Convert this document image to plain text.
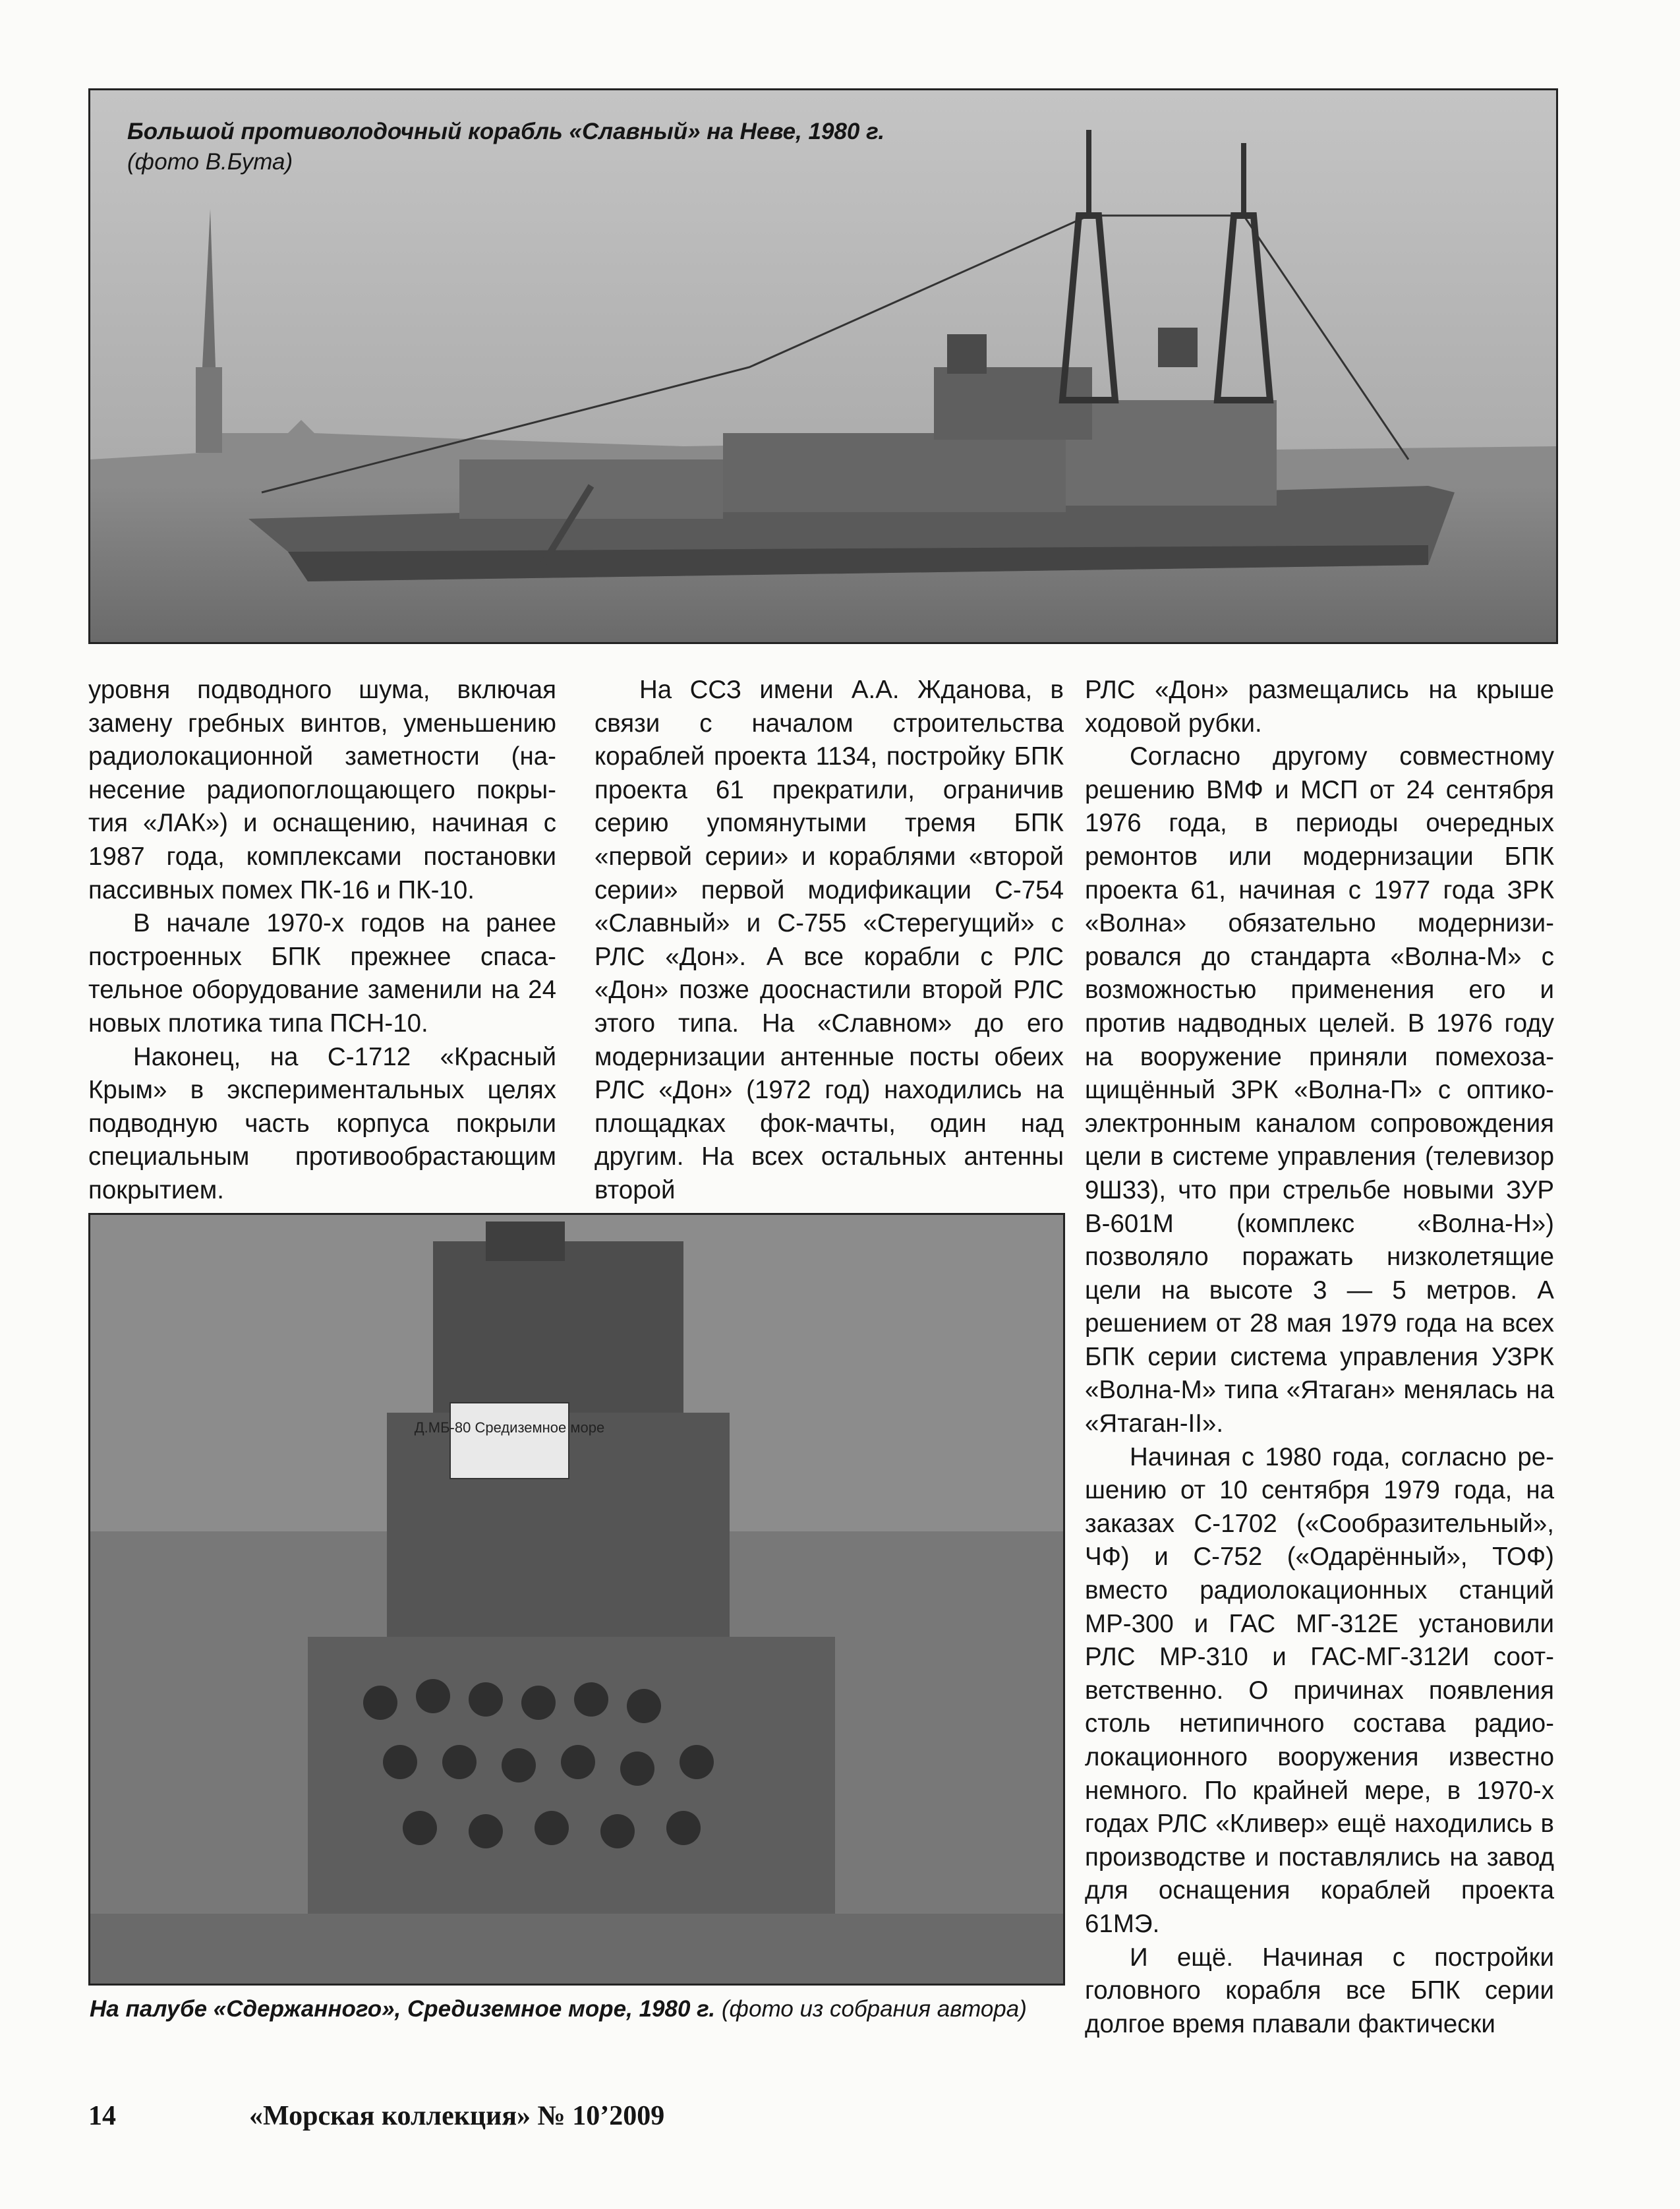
Большой противолодочный корабль «Славный» на Неве, 1980 г.
(фото В.Бута)

уровня подводного шума, включая замену гребных винтов, уменьшению радиолокационной заметности (нанесение радиопоглощающего покрытия «ЛАК») и оснащению, начиная с 1987 года, комплексами постановки пассивных помех ПК-16 и ПК-10.

В начале 1970-х годов на ранее построенных БПК прежнее спасательное оборудование заменили на 24 новых плотика типа ПСН-10.

Наконец, на С-1712 «Красный Крым» в экспериментальных целях подводную часть корпуса покрыли специальным противообрастающим покрытием.

На ССЗ имени А.А. Жданова, в связи с началом строительства кораблей проекта 1134, постройку БПК проекта 61 прекратили, ограничив серию упомянутыми тремя БПК «первой серии» и кораблями «второй серии» первой модификации С-754 «Славный» и С-755 «Стерегущий» с РЛС «Дон». А все корабли с РЛС «Дон» позже дооснастили второй РЛС этого типа. На «Славном» до его модернизации антенные посты обеих РЛС «Дон» (1972 год) находились на площадках фок-мачты, один над другим. На всех остальных антенны второй

РЛС «Дон» размещались на крыше ходовой рубки.

Согласно другому совместному решению ВМФ и МСП от 24 сентября 1976 года, в периоды очередных ремонтов или модернизации БПК проекта 61, начиная с 1977 года ЗРК «Волна» обязательно модернизировался до стандарта «Волна-М» с возможностью применения его и против надводных целей. В 1976 году на вооружение приняли помехозащищённый ЗРК «Волна-П» с оптико-электронным каналом сопровождения цели в системе управления (телевизор 9Ш33), что при стрельбе новыми ЗУР В-601М (комплекс «Волна-Н») позволяло поражать низколетящие цели на высоте 3 — 5 метров. А решением от 28 мая 1979 года на всех БПК серии система управления УЗРК «Волна-М» типа «Ятаган» менялась на «Ятаган-II».

Начиная с 1980 года, согласно решению от 10 сентября 1979 года, на заказах С-1702 («Сообразительный», ЧФ) и С-752 («Одарённый», ТОФ) вместо радиолокационных станций МР-300 и ГАС МГ-312Е установили РЛС МР-310 и ГАС-МГ-312И соответственно. О причинах появления столь нетипичного состава радиолокационного вооружения известно немного. По крайней мере, в 1970-х годах РЛС «Кливер» ещё находились в производстве и поставлялись на завод для оснащения кораблей проекта 61МЭ.

И ещё. Начиная с постройки головного корабля все БПК серии долгое время плавали фактически

Д.МБ-80 Средиземное море
На палубе «Сдержанного», Средиземное море, 1980 г. (фото из собрания автора)
14	«Морская коллекция» № 10’2009
